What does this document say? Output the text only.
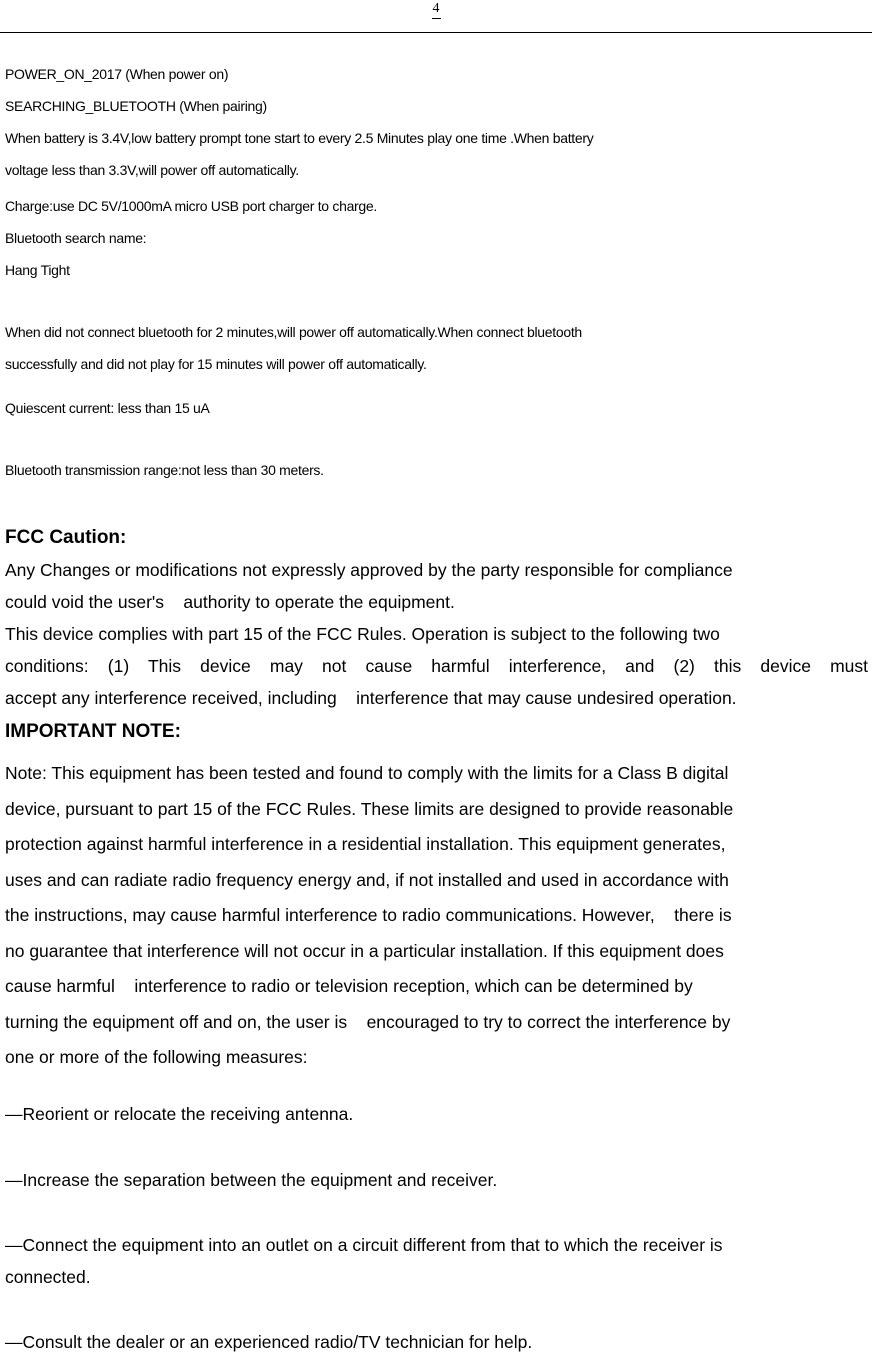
4
POWER_ON_2017 (When power on)
SEARCHING_BLUETOOTH (When pairing)
When battery is 3.4V,low battery prompt tone start to every 2.5 Minutes play one time .When battery
voltage less than 3.3V,will power off automatically.
Charge:use DC 5V/1000mA micro USB port charger to charge.
Bluetooth search name:
Hang Tight
When did not connect bluetooth for 2 minutes,will power off automatically.When connect bluetooth
successfully and did not play for 15 minutes will power off automatically.
Quiescent current: less than 15 uA
Bluetooth transmission range:not less than 30 meters.
FCC Caution:
Any Changes or modifications not expressly approved by the party responsible for compliance
could void the user's    authority to operate the equipment.
This device complies with part 15 of the FCC Rules. Operation is subject to the following two
conditions: (1) This device may not cause harmful interference, and (2) this device must
accept any interference received, including    interference that may cause undesired operation.
IMPORTANT NOTE:
Note: This equipment has been tested and found to comply with the limits for a Class B digital
device, pursuant to part 15 of the FCC Rules. These limits are designed to provide reasonable
protection against harmful interference in a residential installation. This equipment generates,
uses and can radiate radio frequency energy and, if not installed and used in accordance with
the instructions, may cause harmful interference to radio communications. However,    there is
no guarantee that interference will not occur in a particular installation. If this equipment does
cause harmful    interference to radio or television reception, which can be determined by
turning the equipment off and on, the user is    encouraged to try to correct the interference by
one or more of the following measures:
—Reorient or relocate the receiving antenna.
—Increase the separation between the equipment and receiver.
—Connect the equipment into an outlet on a circuit different from that to which the receiver is
connected.
—Consult the dealer or an experienced radio/TV technician for help.
